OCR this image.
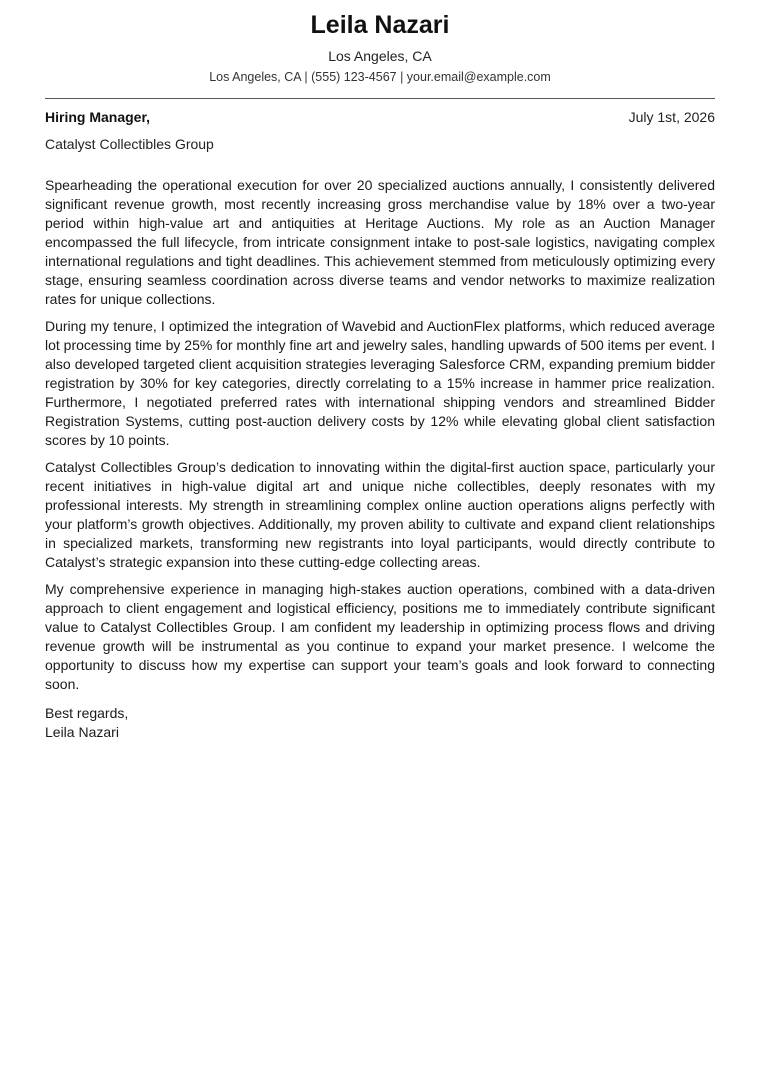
Leila Nazari
Los Angeles, CA
Los Angeles, CA | (555) 123-4567 | your.email@example.com
Hiring Manager,	July 1st, 2026
Catalyst Collectibles Group

Spearheading the operational execution for over 20 specialized auctions annually, I consistently delivered significant revenue growth, most recently increasing gross merchandise value by 18% over a two-year period within high-value art and antiquities at Heritage Auctions. My role as an Auction Manager encompassed the full lifecycle, from intricate consignment intake to post-sale logistics, navigating complex international regulations and tight deadlines. This achievement stemmed from meticulously optimizing every stage, ensuring seamless coordination across diverse teams and vendor networks to maximize realization rates for unique collections.

During my tenure, I optimized the integration of Wavebid and AuctionFlex platforms, which reduced average lot processing time by 25% for monthly fine art and jewelry sales, handling upwards of 500 items per event. I also developed targeted client acquisition strategies leveraging Salesforce CRM, expanding premium bidder registration by 30% for key categories, directly correlating to a 15% increase in hammer price realization. Furthermore, I negotiated preferred rates with international shipping vendors and streamlined Bidder Registration Systems, cutting post-auction delivery costs by 12% while elevating global client satisfaction scores by 10 points.

Catalyst Collectibles Group’s dedication to innovating within the digital-first auction space, particularly your recent initiatives in high-value digital art and unique niche collectibles, deeply resonates with my professional interests. My strength in streamlining complex online auction operations aligns perfectly with your platform’s growth objectives. Additionally, my proven ability to cultivate and expand client relationships in specialized markets, transforming new registrants into loyal participants, would directly contribute to Catalyst’s strategic expansion into these cutting-edge collecting areas.

My comprehensive experience in managing high-stakes auction operations, combined with a data-driven approach to client engagement and logistical efficiency, positions me to immediately contribute significant value to Catalyst Collectibles Group. I am confident my leadership in optimizing process flows and driving revenue growth will be instrumental as you continue to expand your market presence. I welcome the opportunity to discuss how my expertise can support your team’s goals and look forward to connecting soon.

Best regards,
Leila Nazari
